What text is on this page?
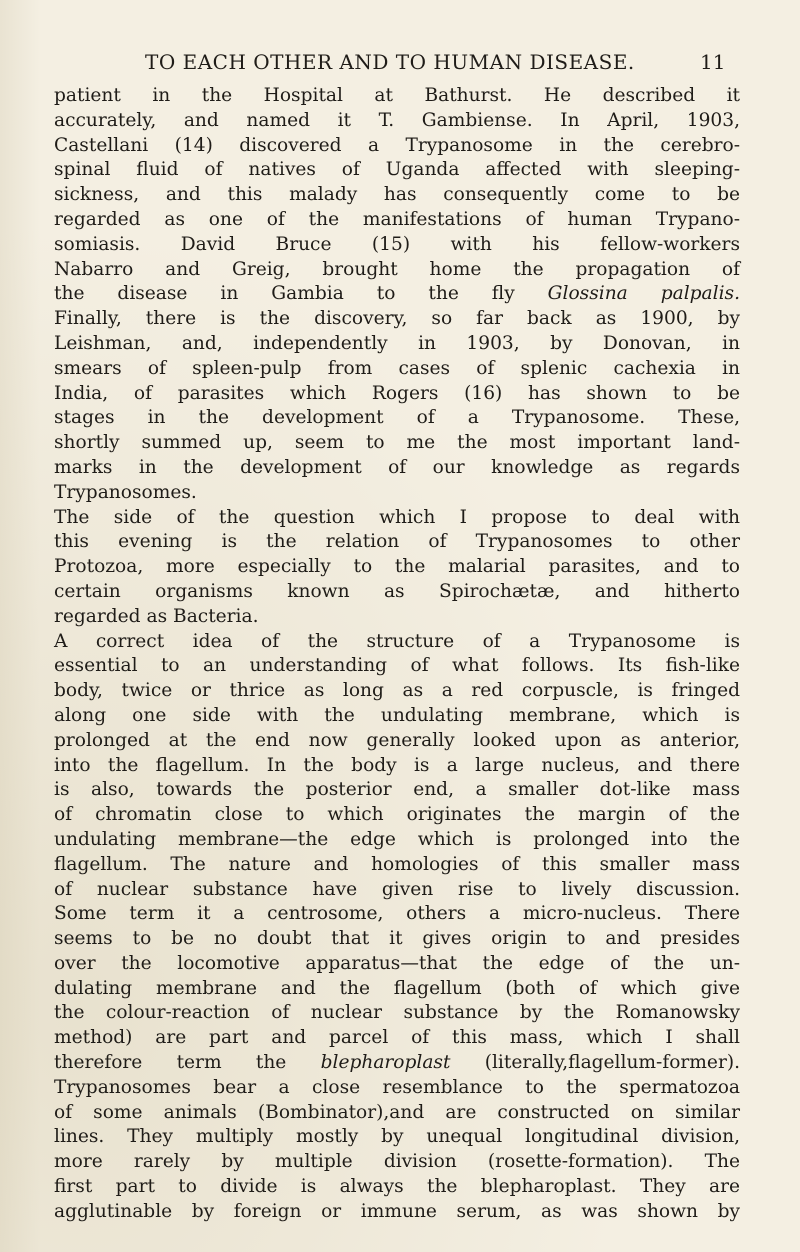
TO EACH OTHER AND TO HUMAN DISEASE.	11
patient in the Hospital at Bathurst. He described it
accurately, and named it T. Gambiense. In April, 1903,
Castellani (14) discovered a Trypanosome in the cerebro-
spinal fluid of natives of Uganda affected with sleeping-
sickness, and this malady has consequently come to be
regarded as one of the manifestations of human Trypano-
somiasis. David Bruce (15) with his fellow-workers
Nabarro and Greig, brought home the propagation of
the disease in Gambia to the fly Glossina palpalis.
Finally, there is the discovery, so far back as 1900, by
Leishman, and, independently in 1903, by Donovan, in
smears of spleen-pulp from cases of splenic cachexia in
India, of parasites which Rogers (16) has shown to be
stages in the development of a Trypanosome. These,
shortly summed up, seem to me the most important land-
marks in the development of our knowledge as regards
Trypanosomes.
The side of the question which I propose to deal with
this evening is the relation of Trypanosomes to other
Protozoa, more especially to the malarial parasites, and to
certain organisms known as Spirochætæ, and hitherto
regarded as Bacteria.
A correct idea of the structure of a Trypanosome is
essential to an understanding of what follows. Its fish-like
body, twice or thrice as long as a red corpuscle, is fringed
along one side with the undulating membrane, which is
prolonged at the end now generally looked upon as anterior,
into the flagellum. In the body is a large nucleus, and there
is also, towards the posterior end, a smaller dot-like mass
of chromatin close to which originates the margin of the
undulating membrane—the edge which is prolonged into the
flagellum. The nature and homologies of this smaller mass
of nuclear substance have given rise to lively discussion.
Some term it a centrosome, others a micro-nucleus. There
seems to be no doubt that it gives origin to and presides
over the locomotive apparatus—that the edge of the un-
dulating membrane and the flagellum (both of which give
the colour-reaction of nuclear substance by the Romanowsky
method) are part and parcel of this mass, which I shall
therefore term the blepharoplast (literally,flagellum-former).
Trypanosomes bear a close resemblance to the spermatozoa
of some animals (Bombinator),and are constructed on similar
lines. They multiply mostly by unequal longitudinal division,
more rarely by multiple division (rosette-formation). The
first part to divide is always the blepharoplast. They are
agglutinable by foreign or immune serum, as was shown by
